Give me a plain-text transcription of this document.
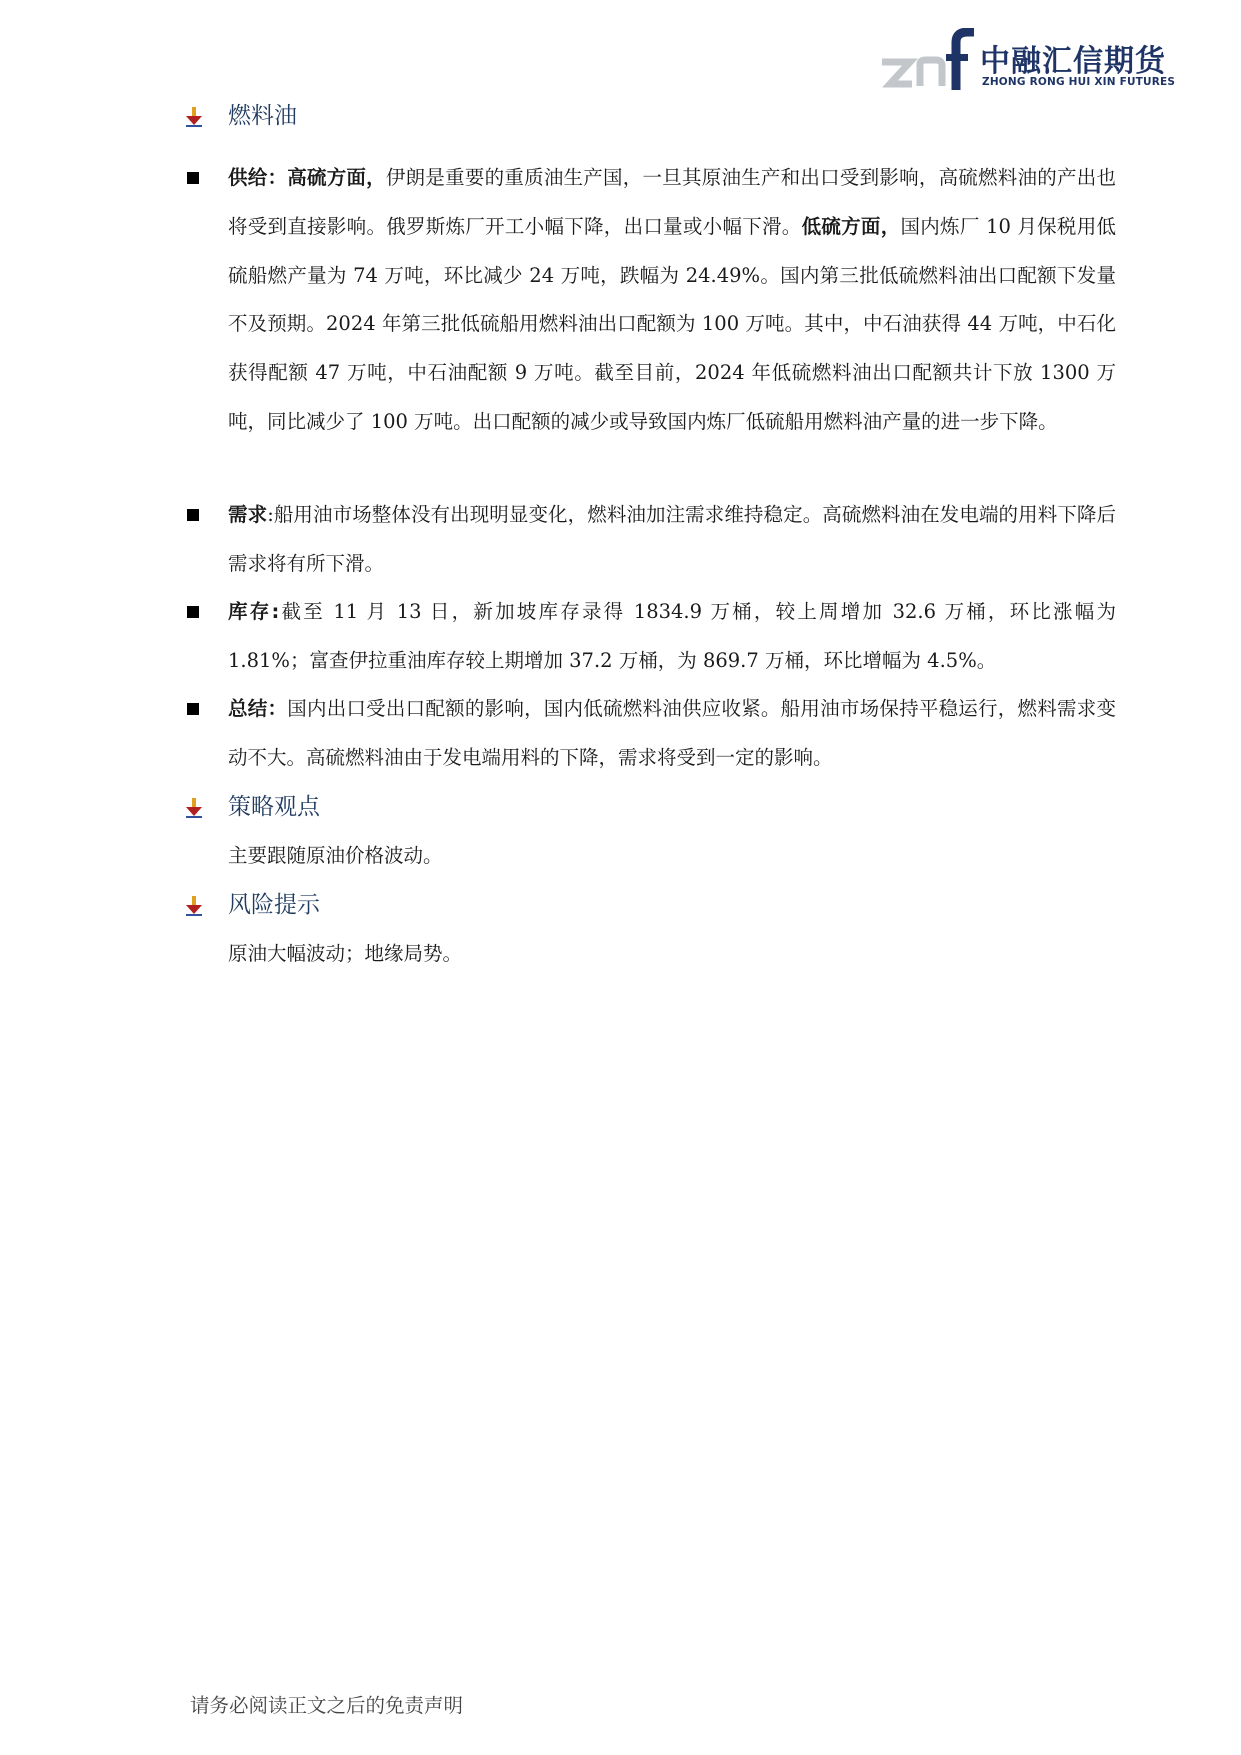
中融汇信期货
ZHONG RONG HUI XIN FUTURES
燃料油
供给：高硫方面，伊朗是重要的重质油生产国，一旦其原油生产和出口受到影响，高硫燃料油的产出也将受到直接影响。俄罗斯炼厂开工小幅下降，出口量或小幅下滑。低硫方面，国内炼厂 10 月保税用低硫船燃产量为 74 万吨，环比减少 24 万吨，跌幅为 24.49%。国内第三批低硫燃料油出口配额下发量不及预期。2024 年第三批低硫船用燃料油出口配额为 100 万吨。其中，中石油获得 44 万吨，中石化获得配额 47 万吨，中石油配额 9 万吨。截至目前，2024 年低硫燃料油出口配额共计下放 1300 万吨，同比减少了 100 万吨。出口配额的减少或导致国内炼厂低硫船用燃料油产量的进一步下降。
需求:船用油市场整体没有出现明显变化，燃料油加注需求维持稳定。高硫燃料油在发电端的用料下降后需求将有所下滑。
库存:截至 11 月 13 日，新加坡库存录得 1834.9 万桶，较上周增加 32.6 万桶，环比涨幅为 1.81%；富查伊拉重油库存较上期增加 37.2 万桶，为 869.7 万桶，环比增幅为 4.5%。
总结：国内出口受出口配额的影响，国内低硫燃料油供应收紧。船用油市场保持平稳运行，燃料需求变动不大。高硫燃料油由于发电端用料的下降，需求将受到一定的影响。
策略观点
主要跟随原油价格波动。
风险提示
原油大幅波动；地缘局势。
请务必阅读正文之后的免责声明
